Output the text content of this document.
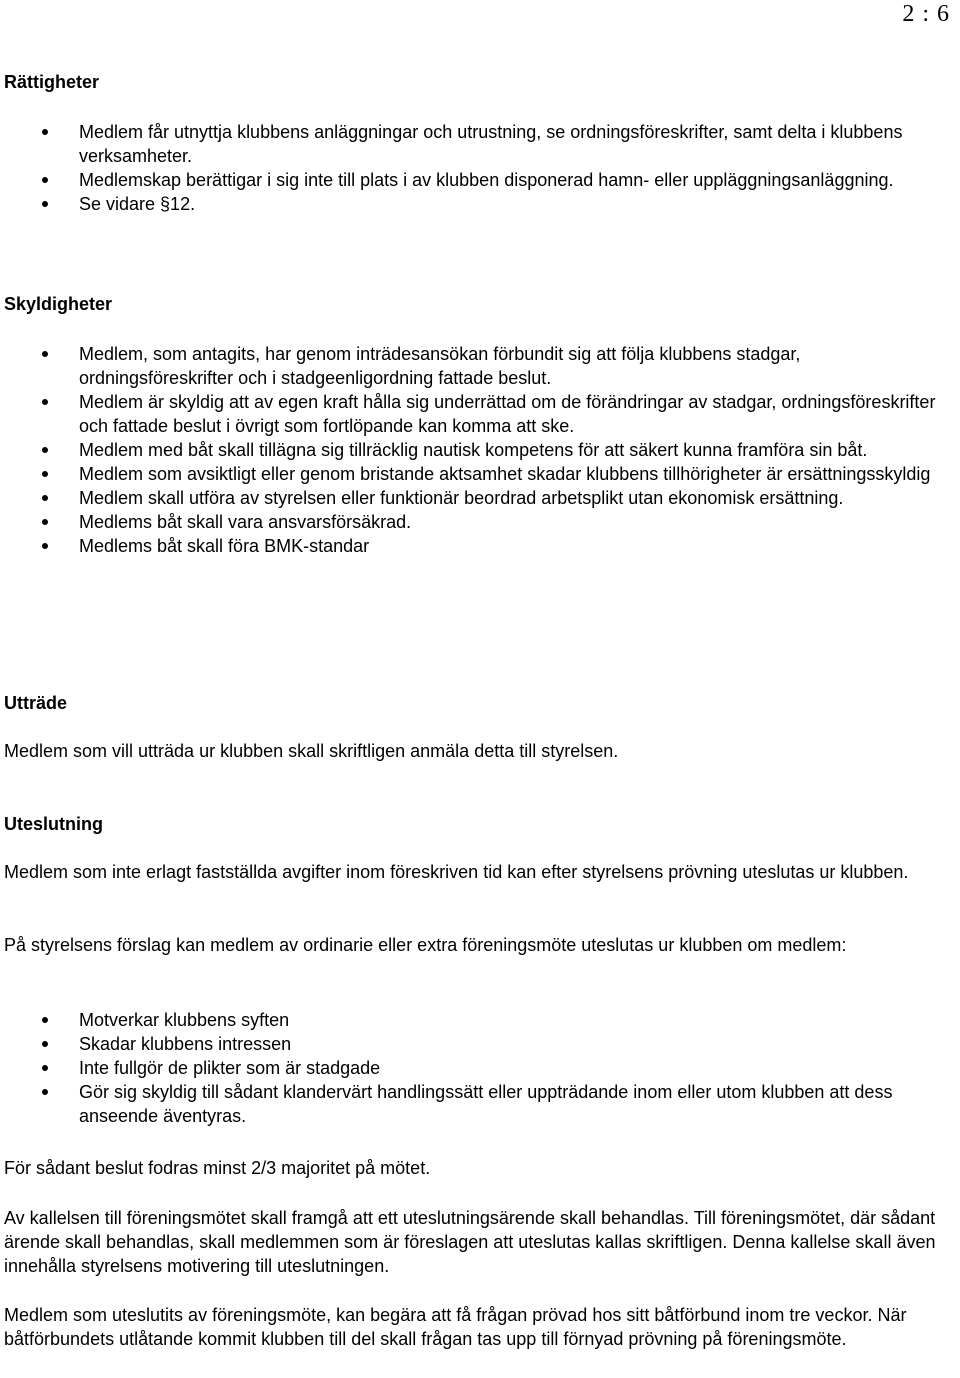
2 : 6
Rättigheter
Medlem får utnyttja klubbens anläggningar och utrustning, se ordningsföreskrifter, samt delta i klubbens verksamheter.
Medlemskap berättigar i sig inte till plats i av klubben disponerad hamn- eller uppläggningsanläggning.
Se vidare §12.
Skyldigheter
Medlem, som antagits, har genom inträdesansökan förbundit sig att följa klubbens stadgar, ordningsföreskrifter och i stadgeenligordning fattade beslut.
Medlem är skyldig att av egen kraft hålla sig underrättad om de förändringar av stadgar, ordningsföreskrifter och fattade beslut i övrigt som fortlöpande kan komma att ske.
Medlem med båt skall tillägna sig tillräcklig nautisk kompetens för att säkert kunna framföra sin båt.
Medlem som avsiktligt eller genom bristande aktsamhet skadar klubbens tillhörigheter är ersättningsskyldig
Medlem skall utföra av styrelsen eller funktionär beordrad arbetsplikt utan ekonomisk ersättning.
Medlems båt skall vara ansvarsförsäkrad.
Medlems båt skall föra BMK-standar
Utträde
Medlem som vill utträda ur klubben skall skriftligen anmäla detta till styrelsen.
Uteslutning
Medlem som inte erlagt fastställda avgifter inom föreskriven tid kan efter styrelsens prövning uteslutas ur klubben.
På styrelsens förslag kan medlem av ordinarie eller extra föreningsmöte uteslutas ur klubben om medlem:
Motverkar klubbens syften
Skadar klubbens intressen
Inte fullgör de plikter som är stadgade
Gör sig skyldig till sådant klandervärt handlingssätt eller uppträdande inom eller utom klubben att dess anseende äventyras.
För sådant beslut fodras minst 2/3 majoritet på mötet.
Av kallelsen till föreningsmötet skall framgå att ett uteslutningsärende skall behandlas. Till föreningsmötet, där sådant ärende skall behandlas, skall medlemmen som är föreslagen att uteslutas kallas skriftligen. Denna kallelse skall även innehålla styrelsens motivering till uteslutningen.
Medlem som uteslutits av föreningsmöte, kan begära att få frågan prövad hos sitt båtförbund inom tre veckor. När båtförbundets utlåtande kommit klubben till del skall frågan tas upp till förnyad prövning på föreningsmöte.
